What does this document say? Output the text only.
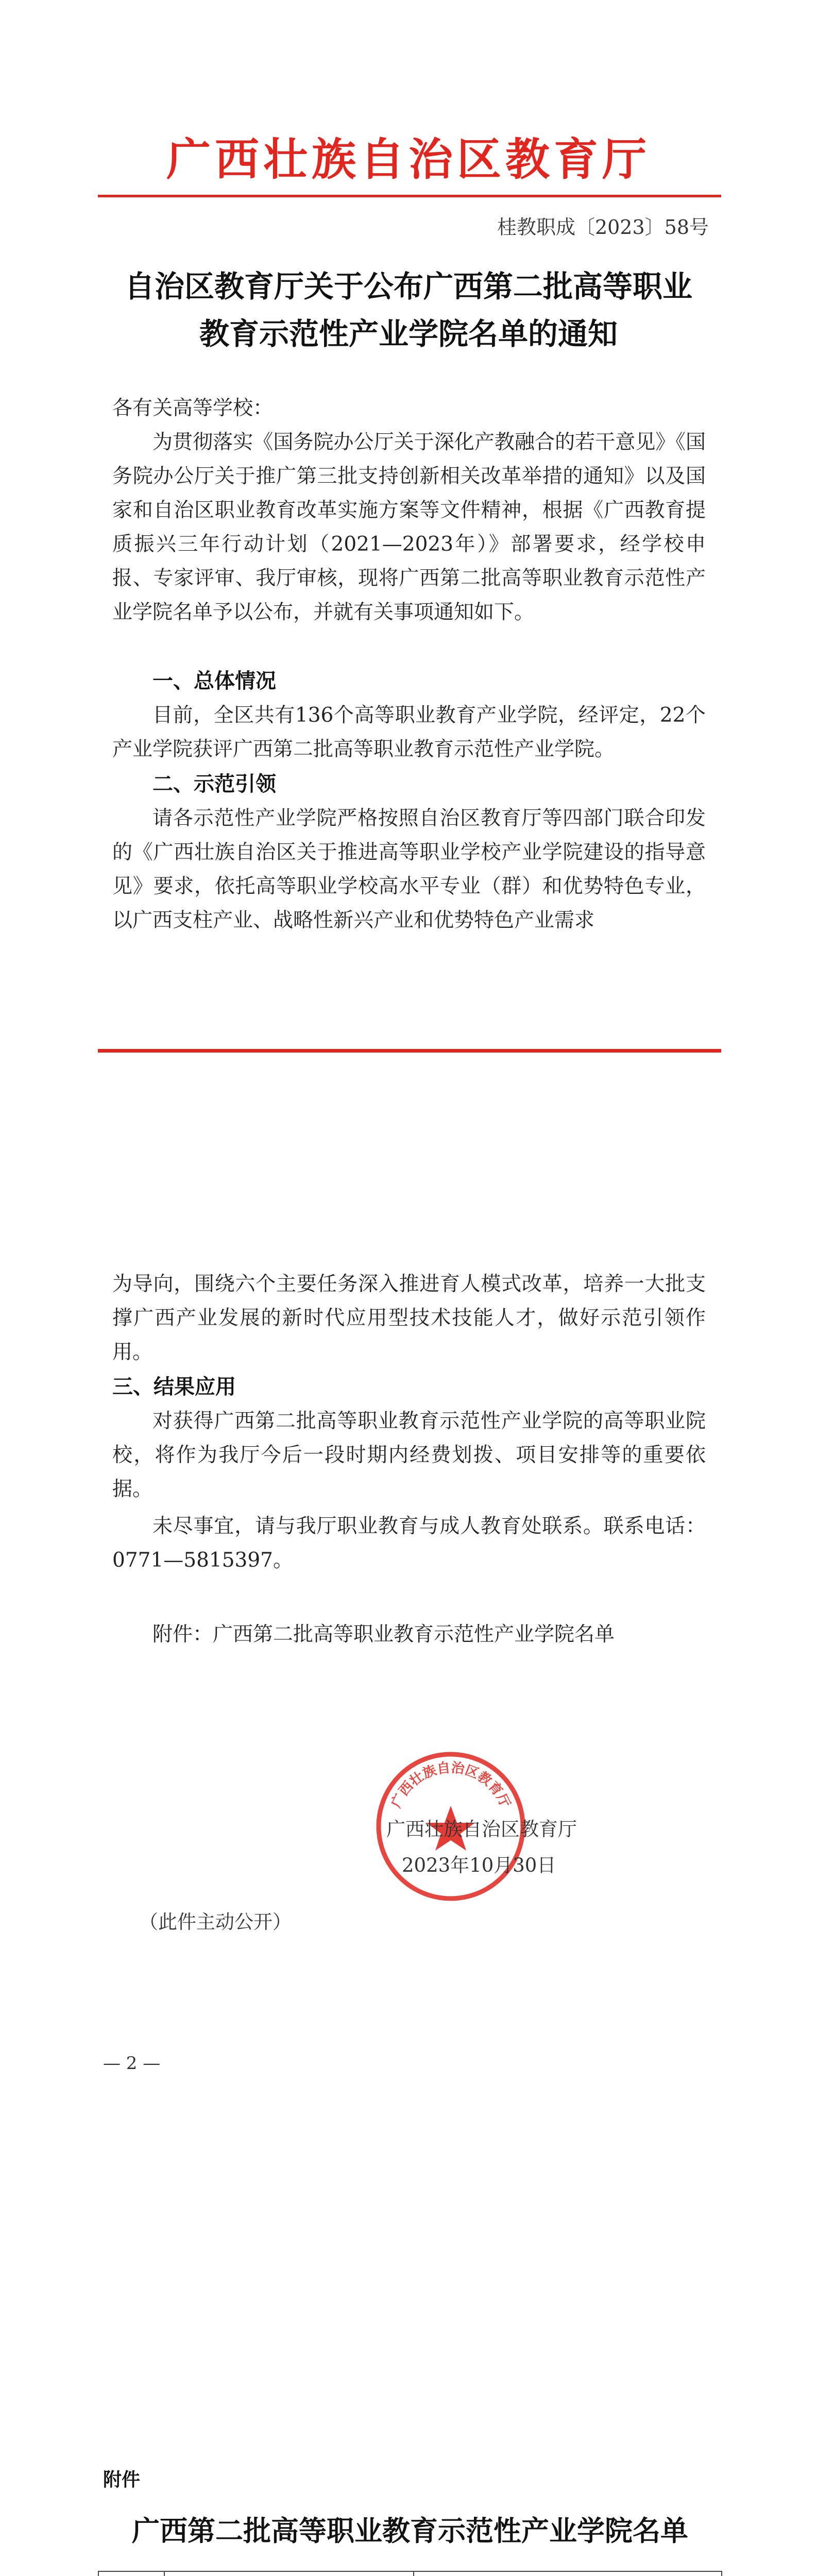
广西壮族自治区教育厅
桂教职成〔2023〕58号
自治区教育厅关于公布广西第二批高等职业
教育示范性产业学院名单的通知
各有关高等学校：
为贯彻落实《国务院办公厅关于深化产教融合的若干意见》《国务院办公厅关于推广第三批支持创新相关改革举措的通知》以及国家和自治区职业教育改革实施方案等文件精神，根据《广西教育提质振兴三年行动计划（2021—2023年）》部署要求，经学校申报、专家评审、我厅审核，现将广西第二批高等职业教育示范性产业学院名单予以公布，并就有关事项通知如下。
一、总体情况
目前，全区共有136个高等职业教育产业学院，经评定，22个产业学院获评广西第二批高等职业教育示范性产业学院。
二、示范引领
请各示范性产业学院严格按照自治区教育厅等四部门联合印发的《广西壮族自治区关于推进高等职业学校产业学院建设的指导意见》要求，依托高等职业学校高水平专业（群）和优势特色专业，以广西支柱产业、战略性新兴产业和优势特色产业需求
为导向，围绕六个主要任务深入推进育人模式改革，培养一大批支撑广西产业发展的新时代应用型技术技能人才，做好示范引领作用。
三、结果应用
对获得广西第二批高等职业教育示范性产业学院的高等职业院校，将作为我厅今后一段时期内经费划拨、项目安排等的重要依据。
未尽事宜，请与我厅职业教育与成人教育处联系。联系电话：0771—5815397。
附件：广西第二批高等职业教育示范性产业学院名单
广西壮族自治区教育厅
广西壮族自治区教育厅
2023年10月30日
（此件主动公开）
— 2 —
附件
广西第二批高等职业教育示范性产业学院名单
